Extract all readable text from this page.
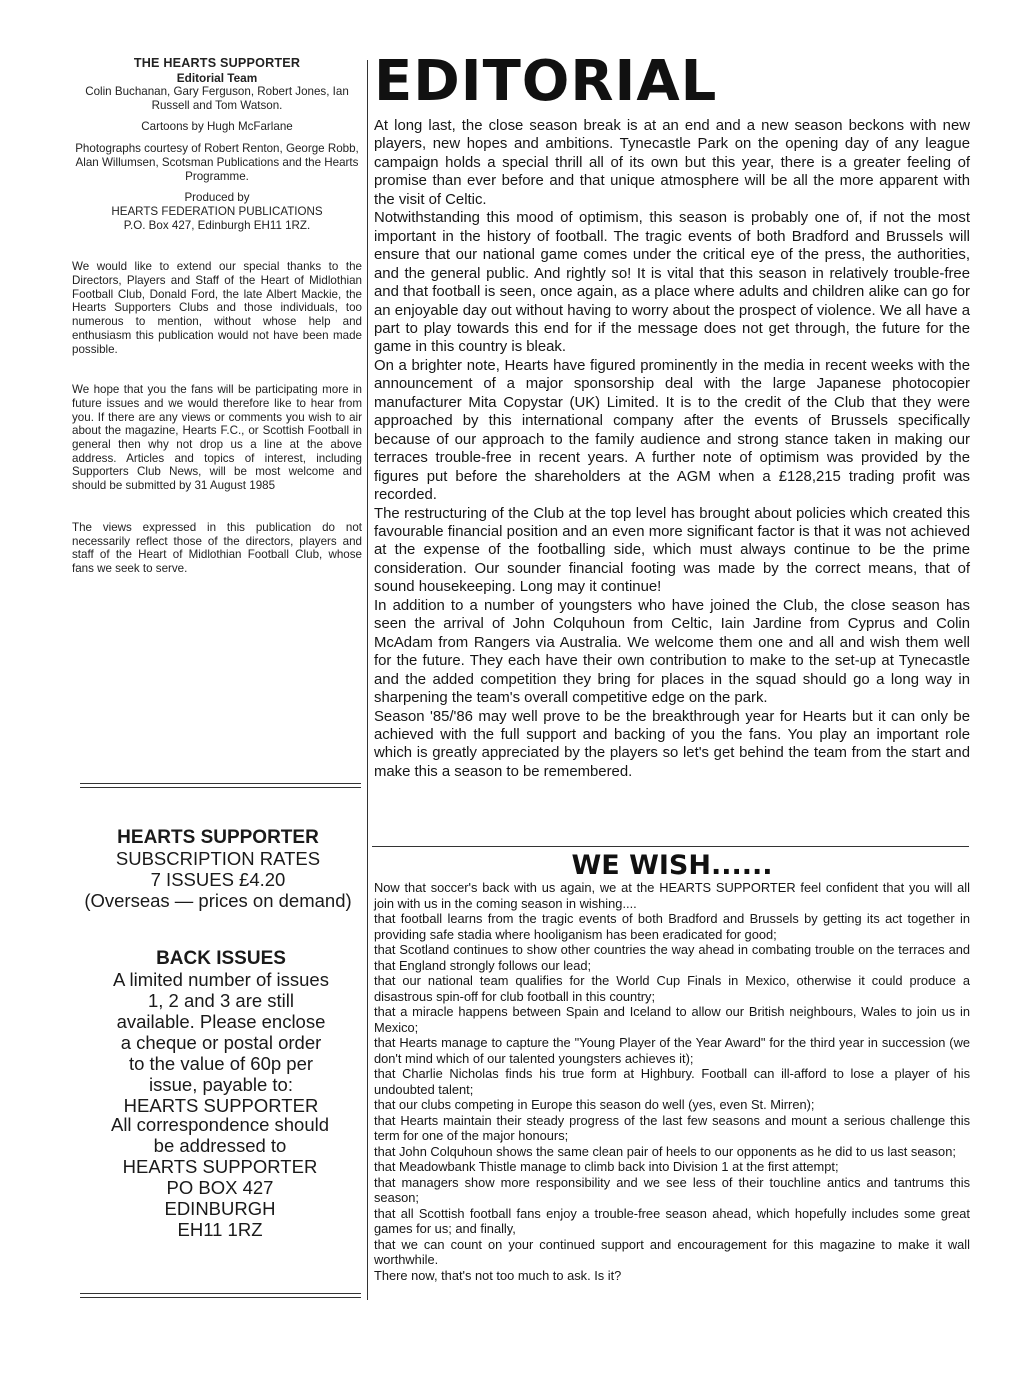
THE HEARTS SUPPORTER
Editorial Team
Colin Buchanan, Gary Ferguson, Robert Jones, Ian Russell and Tom Watson.
Cartoons by Hugh McFarlane
Photographs courtesy of Robert Renton, George Robb, Alan Willumsen, Scotsman Publications and the Hearts Programme.
Produced by
HEARTS FEDERATION PUBLICATIONS
P.O. Box 427, Edinburgh EH11 1RZ.

We would like to extend our special thanks to the Directors, Players and Staff of the Heart of Midlothian Football Club, Donald Ford, the late Albert Mackie, the Hearts Supporters Clubs and those individuals, too numerous to mention, without whose help and enthusiasm this publication would not have been made possible.

We hope that you the fans will be participating more in future issues and we would therefore like to hear from you. If there are any views or comments you wish to air about the magazine, Hearts F.C., or Scottish Football in general then why not drop us a line at the above address. Articles and topics of interest, including Supporters Club News, will be most welcome and should be submitted by 31 August 1985

The views expressed in this publication do not necessarily reflect those of the directors, players and staff of the Heart of Midlothian Football Club, whose fans we seek to serve.

HEARTS SUPPORTER
SUBSCRIPTION RATES
7 ISSUES £4.20
(Overseas — prices on demand)
BACK ISSUES
A limited number of issues 1, 2 and 3 are still available. Please enclose a cheque or postal order to the value of 60p per issue, payable to:
HEARTS SUPPORTER
All correspondence should be addressed to
HEARTS SUPPORTER
PO BOX 427
EDINBURGH
EH11 1RZ
EDITORIAL

At long last, the close season break is at an end and a new season beckons with new players, new hopes and ambitions. Tynecastle Park on the opening day of any league campaign holds a special thrill all of its own but this year, there is a greater feeling of promise than ever before and that unique atmosphere will be all the more apparent with the visit of Celtic.

Notwithstanding this mood of optimism, this season is probably one of, if not the most important in the history of football. The tragic events of both Bradford and Brussels will ensure that our national game comes under the critical eye of the press, the authorities, and the general public. And rightly so! It is vital that this season in relatively trouble-free and that football is seen, once again, as a place where adults and children alike can go for an enjoyable day out without having to worry about the prospect of violence. We all have a part to play towards this end for if the message does not get through, the future for the game in this country is bleak.

On a brighter note, Hearts have figured prominently in the media in recent weeks with the announcement of a major sponsorship deal with the large Japanese photocopier manufacturer Mita Copystar (UK) Limited. It is to the credit of the Club that they were approached by this international company after the events of Brussels specifically because of our approach to the family audience and strong stance taken in making our terraces trouble-free in recent years. A further note of optimism was provided by the figures put before the shareholders at the AGM when a £128,215 trading profit was recorded.

The restructuring of the Club at the top level has brought about policies which created this favourable financial position and an even more significant factor is that it was not achieved at the expense of the footballing side, which must always continue to be the prime consideration. Our sounder financial footing was made by the correct means, that of sound housekeeping. Long may it continue!

In addition to a number of youngsters who have joined the Club, the close season has seen the arrival of John Colquhoun from Celtic, Iain Jardine from Cyprus and Colin McAdam from Rangers via Australia. We welcome them one and all and wish them well for the future. They each have their own contribution to make to the set-up at Tynecastle and the added competition they bring for places in the squad should go a long way in sharpening the team's overall competitive edge on the park.

Season '85/'86 may well prove to be the breakthrough year for Hearts but it can only be achieved with the full support and backing of you the fans. You play an important role which is greatly appreciated by the players so let's get behind the team from the start and make this a season to be remembered.

WE WISH......

Now that soccer's back with us again, we at the HEARTS SUPPORTER feel confident that you will all join with us in the coming season in wishing....

that football learns from the tragic events of both Bradford and Brussels by getting its act together in providing safe stadia where hooliganism has been eradicated for good;

that Scotland continues to show other countries the way ahead in combating trouble on the terraces and that England strongly follows our lead;

that our national team qualifies for the World Cup Finals in Mexico, otherwise it could produce a disastrous spin-off for club football in this country;

that a miracle happens between Spain and Iceland to allow our British neighbours, Wales to join us in Mexico;

that Hearts manage to capture the "Young Player of the Year Award" for the third year in succession (we don't mind which of our talented youngsters achieves it);

that Charlie Nicholas finds his true form at Highbury. Football can ill-afford to lose a player of his undoubted talent;

that our clubs competing in Europe this season do well (yes, even St. Mirren);

that Hearts maintain their steady progress of the last few seasons and mount a serious challenge this term for one of the major honours;

that John Colquhoun shows the same clean pair of heels to our opponents as he did to us last season;

that Meadowbank Thistle manage to climb back into Division 1 at the first attempt;

that managers show more responsibility and we see less of their touchline antics and tantrums this season;

that all Scottish football fans enjoy a trouble-free season ahead, which hopefully includes some great games for us; and finally,

that we can count on your continued support and encouragement for this magazine to make it wall worthwhile.

There now, that's not too much to ask. Is it?
